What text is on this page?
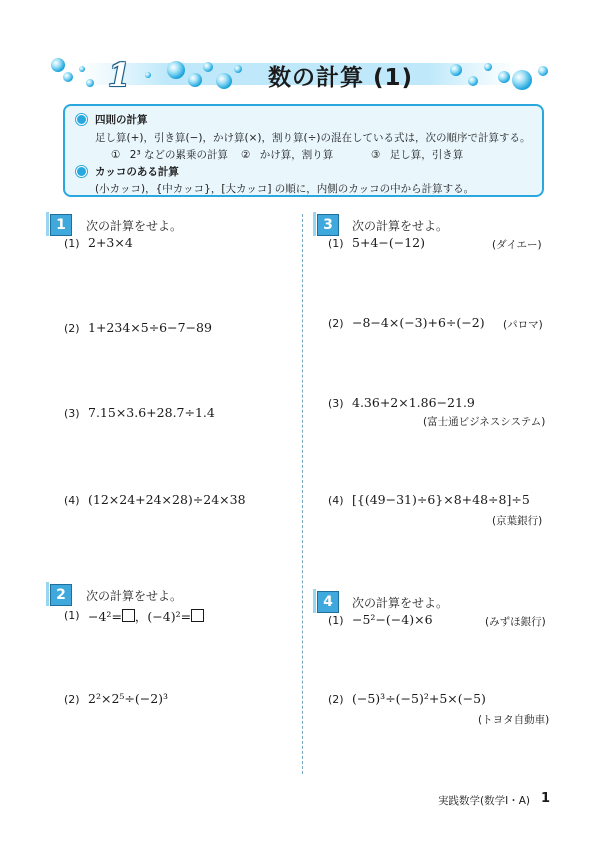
1	数の計算 (1)
四則の計算
足し算(+)，引き算(−)，かけ算(×)，割り算(÷)の混在している式は，次の順序で計算する。
① 2³ などの累乗の計算 ② かけ算，割り算	③ 足し算，引き算
カッコのある計算
(小カッコ)，{中カッコ}，[大カッコ] の順に，内側のカッコの中から計算する。
1	次の計算をせよ。
(1) 2+3×4
(2) 1+234×5÷6−7−89
(3) 7.15×3.6+28.7÷1.4
(4) (12×24+24×28)÷24×38
2	次の計算をせよ。
(1) −4²= ，(−4)²=
(2) 2²×2⁵÷(−2)³
3	次の計算をせよ。
(1) 5+4−(−12)	(ダイエー)
(2) −8−4×(−3)+6÷(−2) (パロマ)
(3) 4.36+2×1.86−21.9
(富士通ビジネスシステム)
(4) [{(49−31)÷6}×8+48÷8]÷5
(京葉銀行)
4	次の計算をせよ。
(1) −5²−(−4)×6	(みずほ銀行)
(2) (−5)³÷(−5)²+5×(−5)
(トヨタ自動車)
実践数学(数学Ⅰ・A) 1
